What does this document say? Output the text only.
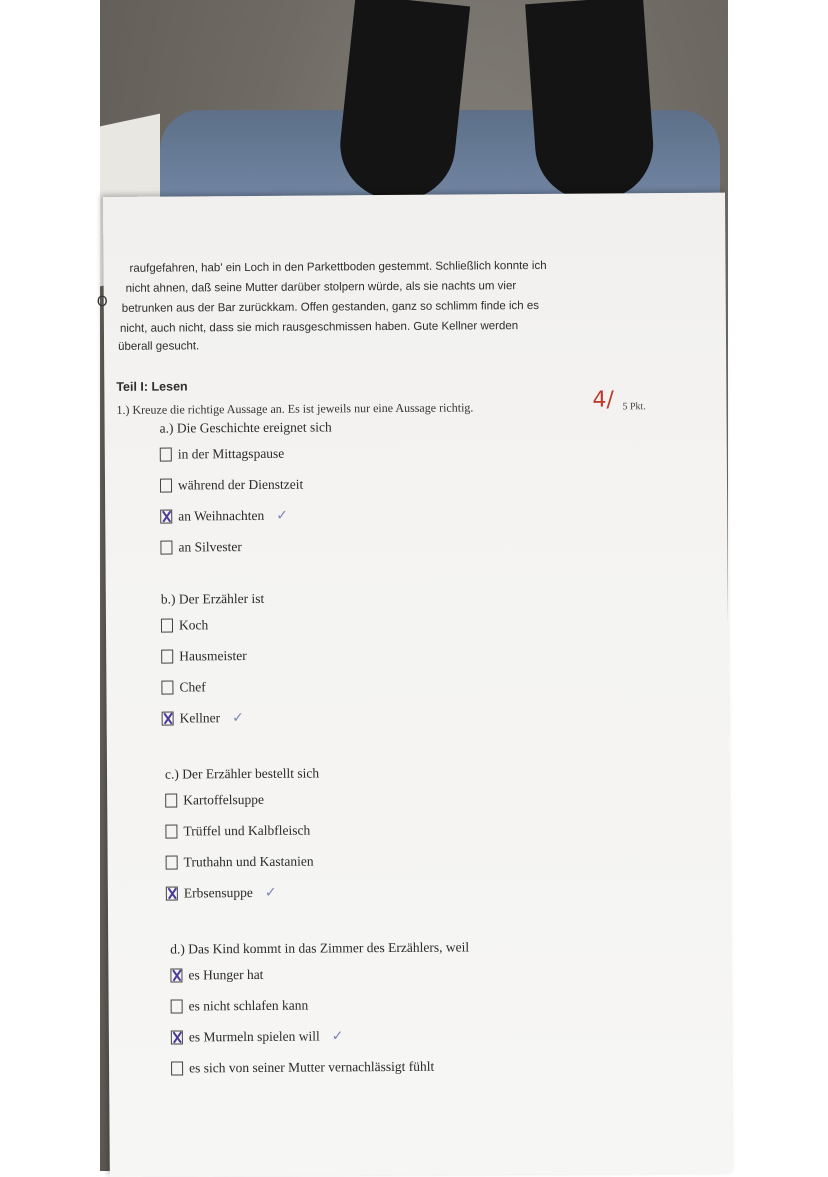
O
raufgefahren, hab' ein Loch in den Parkettboden gestemmt. Schließlich konnte ich
nicht ahnen, daß seine Mutter darüber stolpern würde, als sie nachts um vier
betrunken aus der Bar zurückkam. Offen gestanden, ganz so schlimm finde ich es
nicht, auch nicht, dass sie mich rausgeschmissen haben. Gute Kellner werden
überall gesucht.
Teil I: Lesen
1.) Kreuze die richtige Aussage an. Es ist jeweils nur eine Aussage richtig.	4/ 5 Pkt.
a.) Die Geschichte ereignet sich
in der Mittagspause
während der Dienstzeit
an Weihnachten ✓
an Silvester
b.) Der Erzähler ist
Koch
Hausmeister
Chef
Kellner ✓
c.) Der Erzähler bestellt sich
Kartoffelsuppe
Trüffel und Kalbfleisch
Truthahn und Kastanien
Erbsensuppe ✓
d.) Das Kind kommt in das Zimmer des Erzählers, weil
es Hunger hat
es nicht schlafen kann
es Murmeln spielen will ✓
es sich von seiner Mutter vernachlässigt fühlt
